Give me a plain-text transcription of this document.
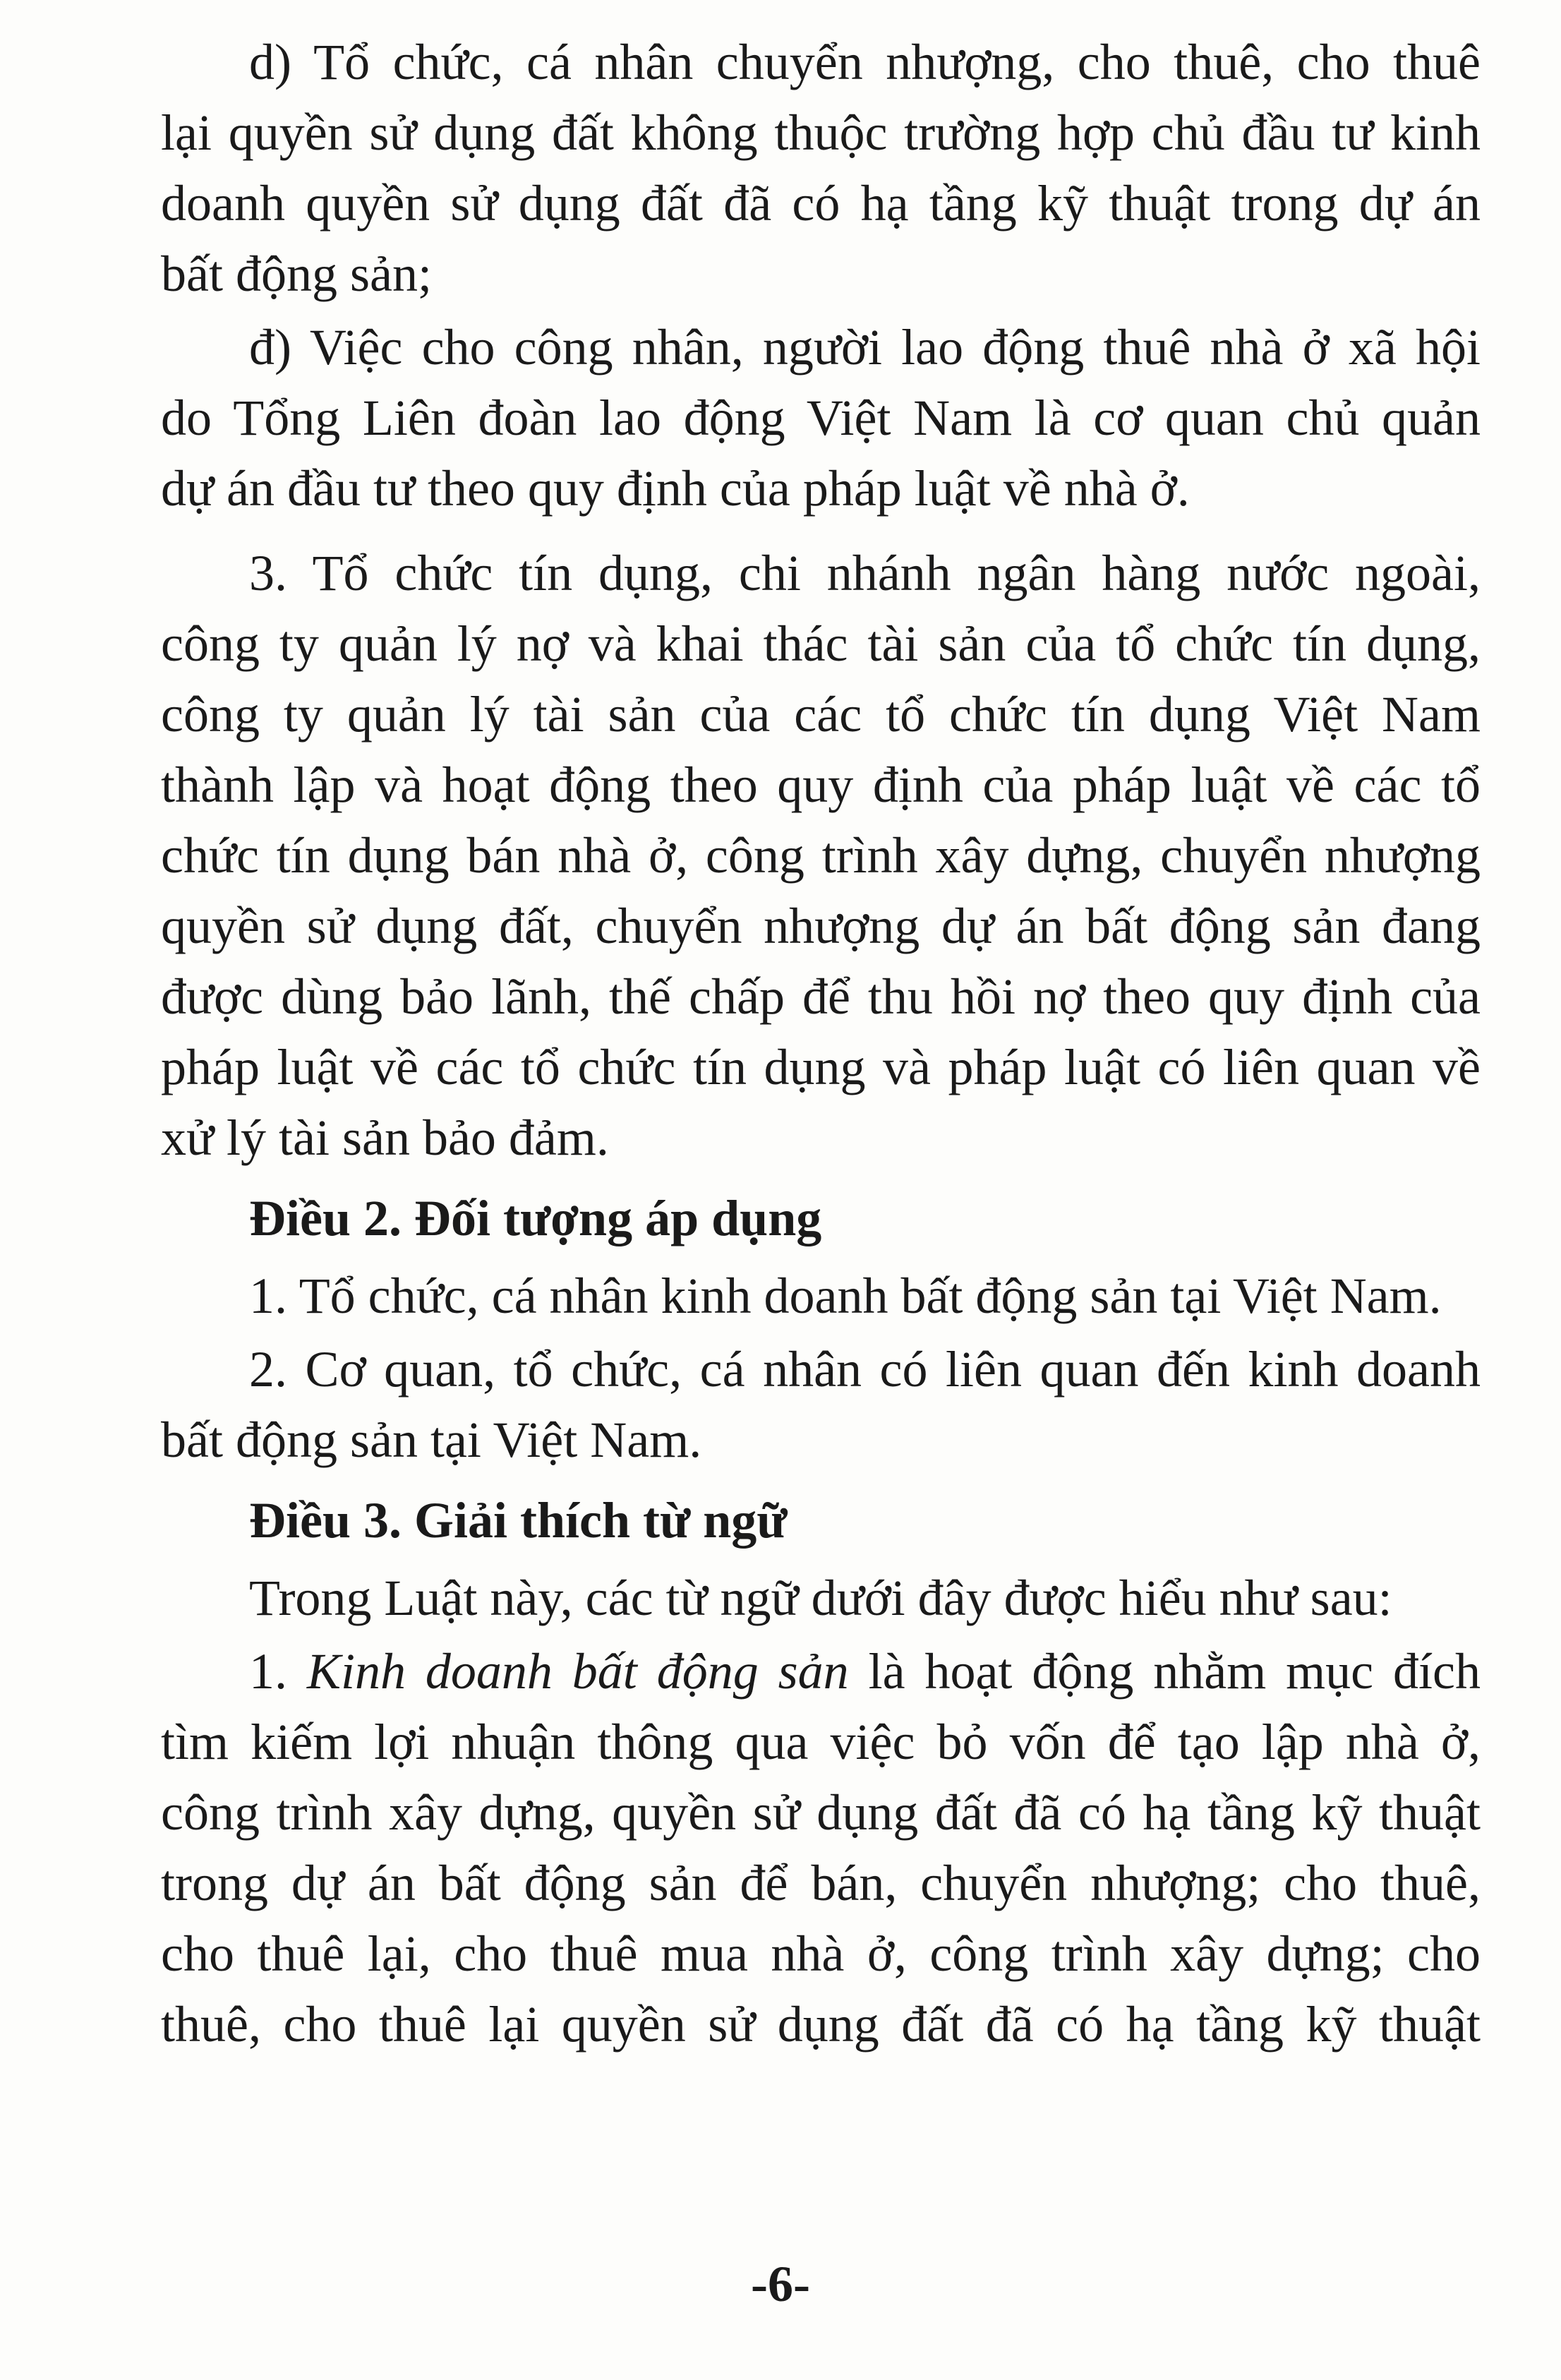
d) Tổ chức, cá nhân chuyển nhượng, cho thuê, cho thuê
lại quyền sử dụng đất không thuộc trường hợp chủ đầu tư kinh
doanh quyền sử dụng đất đã có hạ tầng kỹ thuật trong dự án
bất động sản;
đ) Việc cho công nhân, người lao động thuê nhà ở xã hội
do Tổng Liên đoàn lao động Việt Nam là cơ quan chủ quản
dự án đầu tư theo quy định của pháp luật về nhà ở.
3. Tổ chức tín dụng, chi nhánh ngân hàng nước ngoài,
công ty quản lý nợ và khai thác tài sản của tổ chức tín dụng,
công ty quản lý tài sản của các tổ chức tín dụng Việt Nam
thành lập và hoạt động theo quy định của pháp luật về các tổ
chức tín dụng bán nhà ở, công trình xây dựng, chuyển nhượng
quyền sử dụng đất, chuyển nhượng dự án bất động sản đang
được dùng bảo lãnh, thế chấp để thu hồi nợ theo quy định của
pháp luật về các tổ chức tín dụng và pháp luật có liên quan về
xử lý tài sản bảo đảm.
Điều 2. Đối tượng áp dụng
1. Tổ chức, cá nhân kinh doanh bất động sản tại Việt Nam.
2. Cơ quan, tổ chức, cá nhân có liên quan đến kinh doanh
bất động sản tại Việt Nam.
Điều 3. Giải thích từ ngữ
Trong Luật này, các từ ngữ dưới đây được hiểu như sau:
1. Kinh doanh bất động sản là hoạt động nhằm mục đích
tìm kiếm lợi nhuận thông qua việc bỏ vốn để tạo lập nhà ở,
công trình xây dựng, quyền sử dụng đất đã có hạ tầng kỹ thuật
trong dự án bất động sản để bán, chuyển nhượng; cho thuê,
cho thuê lại, cho thuê mua nhà ở, công trình xây dựng; cho
thuê, cho thuê lại quyền sử dụng đất đã có hạ tầng kỹ thuật
-6-
